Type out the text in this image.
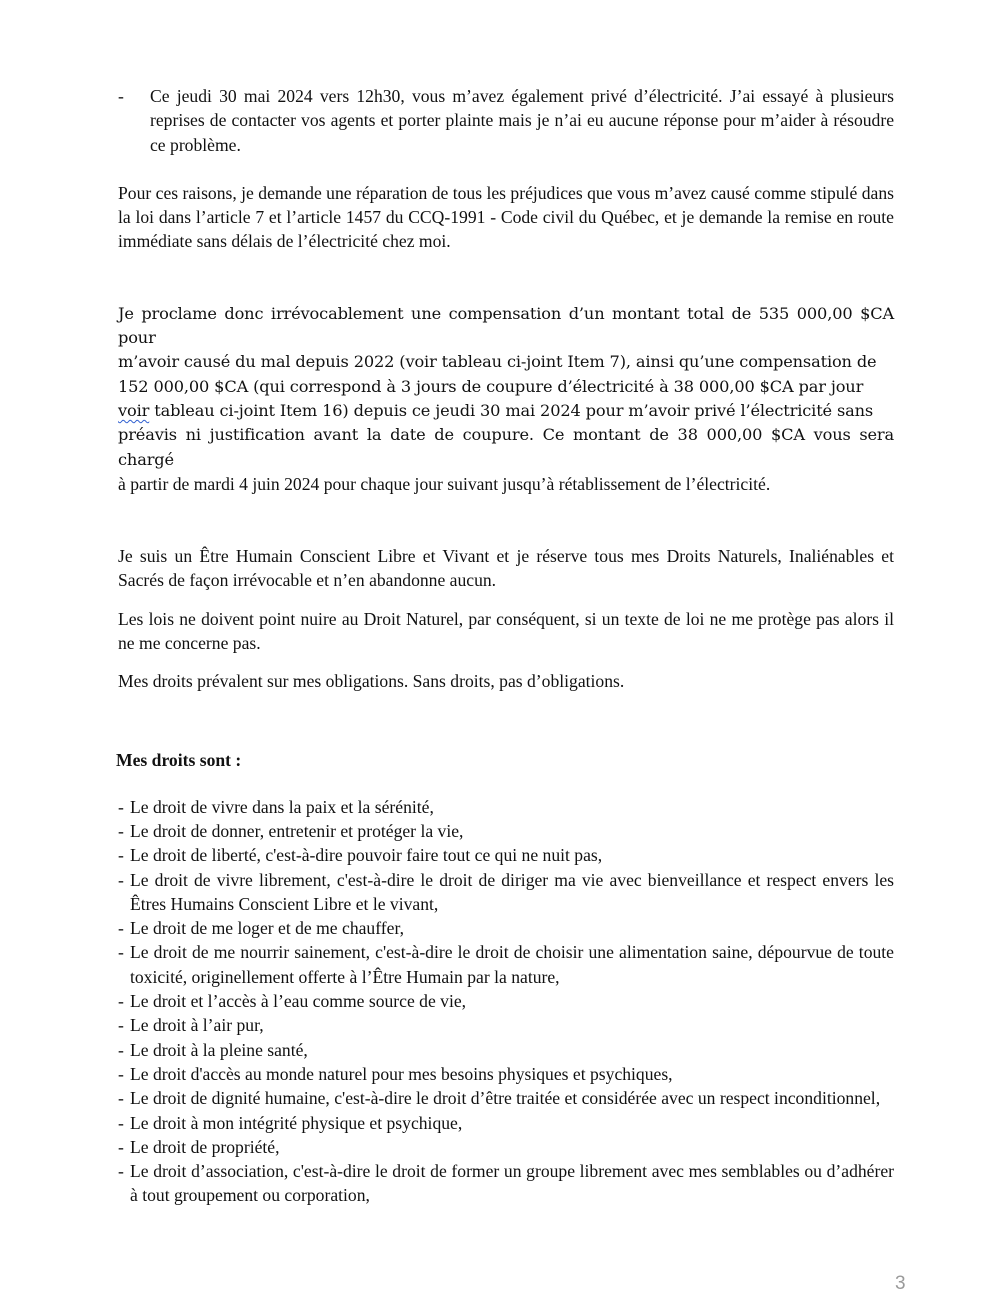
- Ce jeudi 30 mai 2024 vers 12h30, vous m’avez également privé d’électricité. J’ai essayé à plusieurs reprises de contacter vos agents et porter plainte mais je n’ai eu aucune réponse pour m’aider à résoudre ce problème.

Pour ces raisons, je demande une réparation de tous les préjudices que vous m’avez causé comme stipulé dans la loi dans l’article 7 et l’article 1457 du CCQ-1991 - Code civil du Québec, et je demande la remise en route immédiate sans délais de l’électricité chez moi.

Je proclame donc irrévocablement une compensation d’un montant total de 535 000,00 $CA pour
m’avoir causé du mal depuis 2022 (voir tableau ci-joint Item 7), ainsi qu’une compensation de
152 000,00 $CA (qui correspond à 3 jours de coupure d’électricité à 38 000,00 $CA par jour
voir tableau ci-joint Item 16) depuis ce jeudi 30 mai 2024 pour m’avoir privé l’électricité sans
préavis ni justification avant la date de coupure. Ce montant de 38 000,00 $CA vous sera chargé
à partir de mardi 4 juin 2024 pour chaque jour suivant jusqu’à rétablissement de l’électricité.

Je suis un Être Humain Conscient Libre et Vivant et je réserve tous mes Droits Naturels, Inaliénables et Sacrés de façon irrévocable et n’en abandonne aucun.

Les lois ne doivent point nuire au Droit Naturel, par conséquent, si un texte de loi ne me protège pas alors il ne me concerne pas.

Mes droits prévalent sur mes obligations. Sans droits, pas d’obligations.

Mes droits sont :

- Le droit de vivre dans la paix et la sérénité,
- Le droit de donner, entretenir et protéger la vie,
- Le droit de liberté, c'est-à-dire pouvoir faire tout ce qui ne nuit pas,
- Le droit de vivre librement, c'est-à-dire le droit de diriger ma vie avec bienveillance et respect envers les Êtres Humains Conscient Libre et le vivant,
- Le droit de me loger et de me chauffer,
- Le droit de me nourrir sainement, c'est-à-dire le droit de choisir une alimentation saine, dépourvue de toute toxicité, originellement offerte à l’Être Humain par la nature,
- Le droit et l’accès à l’eau comme source de vie,
- Le droit à l’air pur,
- Le droit à la pleine santé,
- Le droit d'accès au monde naturel pour mes besoins physiques et psychiques,
- Le droit de dignité humaine, c'est-à-dire le droit d’être traitée et considérée avec un respect inconditionnel,
- Le droit à mon intégrité physique et psychique,
- Le droit de propriété,
- Le droit d’association, c'est-à-dire le droit de former un groupe librement avec mes semblables ou d’adhérer à tout groupement ou corporation,
3
